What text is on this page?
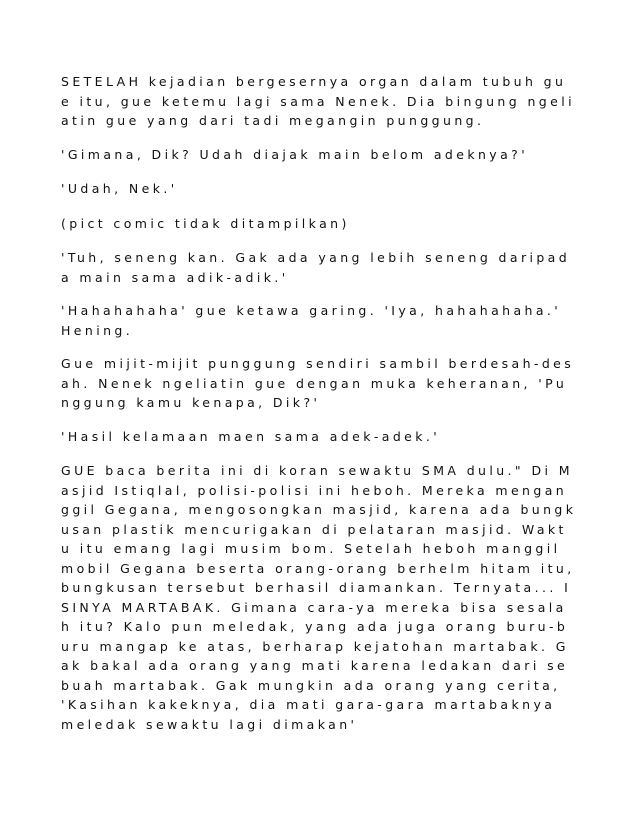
SETELAH kejadian bergesernya organ dalam tubuh gue itu, gue ketemu lagi sama Nenek. Dia bingung ngeliatin gue yang dari tadi megangin punggung.

'Gimana, Dik? Udah diajak main belom adeknya?'

'Udah, Nek.'

(pict comic tidak ditampilkan)

'Tuh, seneng kan. Gak ada yang lebih seneng daripada main sama adik-adik.'

'Hahahahaha' gue ketawa garing. 'Iya, hahahahaha.' Hening.

Gue mijit-mijit punggung sendiri sambil berdesah-desah. Nenek ngeliatin gue dengan muka keheranan, 'Punggung kamu kenapa, Dik?'

'Hasil kelamaan maen sama adek-adek.'

GUE baca berita ini di koran sewaktu SMA dulu." Di Masjid Istiqlal, polisi-polisi ini heboh. Mereka menganggil Gegana, mengosongkan masjid, karena ada bungkusan plastik mencurigakan di pelataran masjid. Waktu itu emang lagi musim bom. Setelah heboh manggil mobil Gegana beserta orang-orang berhelm hitam itu, bungkusan tersebut berhasil diamankan. Ternyata... ISINYA MARTABAK. Gimana cara-ya mereka bisa sesalah itu? Kalo pun meledak, yang ada juga orang buru-buru mangap ke atas, berharap kejatohan martabak. Gak bakal ada orang yang mati karena ledakan dari sebuah martabak. Gak mungkin ada orang yang cerita, 'Kasihan kakeknya, dia mati gara-gara martabaknya meledak sewaktu lagi dimakan'
